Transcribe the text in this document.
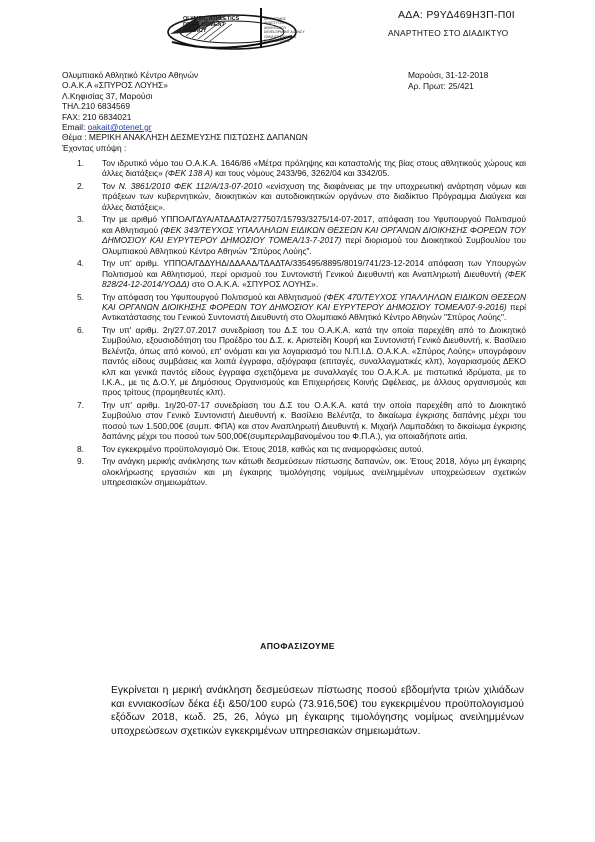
ΑΔΑ: Ρ9ΥΔ469Η3Π-Π0Ι
OLYMPIC ATHLETICS
DEVELOPMENT
AGENCY
ΟΡΓΑΝΙΣΜΟΣ
ΑΝΑΠΤΥΞΗΣ
ΑΘΛΗΤΙΣΜΟΥ
DEVELOPMENT AGENCY
OAKA ATHENS 2004
ΣΠΥΡΟΣ ΛΟΥΗΣ
ΑΝΑΡΤΗΤΕΟ ΣΤΟ ΔΙΑΔΙΚΤΥΟ
Ολυμπιακό Αθλητικό Κέντρο Αθηνών
Ο.Α.Κ.Α «ΣΠΥΡΟΣ ΛΟΥΗΣ»
Λ.Κηφισίας 37, Μαρούσι
ΤΗΛ.210 6834569
FAX: 210 6834021
Email: oakait@otenet.gr
Θέμα : ΜΕΡΙΚΗ ΑΝΑΚΛΗΣΗ ΔΕΣΜΕΥΣΗΣ ΠΙΣΤΩΣΗΣ ΔΑΠΑΝΩΝ
Έχοντας υπόψη :
Μαρούσι, 31-12-2018
Αρ. Πρωτ: 25/421
1. Τον ιδρυτικό νόμο του Ο.Α.Κ.Α. 1646/86 «Μέτρα πρόληψης και καταστολής της βίας στους αθλητικούς χώρους και άλλες διατάξεις» (ΦΕΚ 138 Α) και τους νόμους 2433/96, 3262/04 και 3342/05.
2. Τον Ν. 3861/2010 ΦΕΚ 112/Α/13-07-2010 «ενίσχυση της διαφάνειας με την υποχρεωτική ανάρτηση νόμων και πράξεων των κυβερνητικών, διοικητικών και αυτοδιοικητικών οργάνων στο διαδίκτυο Πρόγραμμα Διαύγεια και άλλες διατάξεις».
3. Την με αριθμό ΥΠΠΟΑ/ΓΔΥΑ/ΑΤΔΑΔΤΑ/277507/15793/3275/14-07-2017, απόφαση του Υφυπουργού Πολιτισμού και Αθλητισμού (ΦΕΚ 343/ΤΕΥΧΟΣ ΥΠΑΛΛΗΛΩΝ ΕΙΔΙΚΩΝ ΘΕΣΕΩΝ ΚΑΙ ΟΡΓΑΝΩΝ ΔΙΟΙΚΗΣΗΣ ΦΟΡΕΩΝ ΤΟΥ ΔΗΜΟΣΙΟΥ ΚΑΙ ΕΥΡΥΤΕΡΟΥ ΔΗΜΟΣΙΟΥ ΤΟΜΕΑ/13-7-2017) περί διορισμού του Διοικητικού Συμβουλίου του Ολυμπιακού Αθλητικού Κέντρο Αθηνών "Σπύρος Λούης".
4. Την υπ' αριθμ. ΥΠΠΟΑ/ΓΔΔΥΗΔ/ΔΔΑΑΔ/ΤΔΑΔΤΑ/335495/8895/8019/741/23-12-2014 απόφαση των Υπουργών Πολιτισμού και Αθλητισμού, περί ορισμού του Συντονιστή Γενικού Διευθυντή και Αναπληρωτή Διευθυντή (ΦΕΚ 828/24-12-2014/ΥΟΔΔ) στο Ο.Α.Κ.Α. «ΣΠΥΡΟΣ ΛΟΥΗΣ».
5. Την απόφαση του Υφυπουργού Πολιτισμού και Αθλητισμού (ΦΕΚ 470/ΤΕΥΧΟΣ ΥΠΑΛΛΗΛΩΝ ΕΙΔΙΚΩΝ ΘΕΣΕΩΝ ΚΑΙ ΟΡΓΑΝΩΝ ΔΙΟΙΚΗΣΗΣ ΦΟΡΕΩΝ ΤΟΥ ΔΗΜΟΣΙΟΥ ΚΑΙ ΕΥΡΥΤΕΡΟΥ ΔΗΜΟΣΙΟΥ ΤΟΜΕΑ/07-9-2016) περί Αντικατάστασης του Γενικού Συντονιστή Διευθυντή στο Ολυμπιακό Αθλητικό Κέντρο Αθηνών "Σπύρος Λούης".
6. Την υπ' αριθμ. 2η/27.07.2017 συνεδρίαση του Δ.Σ του Ο.Α.Κ.Α. κατά την οποία παρεχέθη από το Διοικητικό Συμβούλιο, εξουσιοδότηση του Προέδρο του Δ.Σ. κ. Αριστείδη Κουρή και Συντονιστή Γενικό Διευθυντή, κ. Βασίλειο Βελέντζα, όπως από κοινού, επ' ονόματι και για λογαριασμό του Ν.Π.Ι.Δ. Ο.Α.Κ.Α. «Σπύρος Λούης» υπογράφουν παντός είδους συμβάσεις και λοιπά έγγραφα, αξιόγραφα (επιταγές, συναλλαγματικές κλπ), λογαριασμούς ΔΕΚΟ κλπ και γενικά παντός είδους έγγραφα σχετιζόμενα με συναλλαγές του Ο.Α.Κ.Α. με πιστωτικά ιδρύματα, με το Ι.Κ.Α., με τις Δ.Ο.Υ, με Δημόσιους Οργανισμούς και Επιχειρήσεις Κοινής Ωφέλειας, με άλλους οργανισμούς και προς τρίτους (προμηθευτές κλπ).
7. Την υπ' αριθμ. 1η/20-07-17 συνεδρίαση του Δ.Σ του Ο.Α.Κ.Α. κατά την οποία παρεχέθη από το Διοικητικό Συμβούλιο στον Γενικό Συντονιστή Διευθυντή κ. Βασίλειο Βελέντζα, το δικαίωμα έγκρισης δαπάνης μέχρι του ποσού των 1.500,00€ (συμπ. ΦΠΑ) και στον Αναπληρωτή Διευθυντή κ. Μιχαήλ Λαμπαδάκη το δικαίωμα έγκρισης δαπάνης μέχρι του ποσού των 500,00€(συμπεριλαμβανομένου του Φ.Π.Α.), για οποιαδήποτε αιτία.
8. Τον εγκεκριμένο προϋπολογισμό Οικ. Έτους 2018, καθώς και τις αναμορφώσεις αυτού.
9. Την ανάγκη μερικής ανάκλησης των κάτωθι δεσμεύσεων πίστωσης δαπανών, οικ. Έτους 2018, λόγω μη έγκαιρης ολοκλήρωσης εργασιών και μη έγκαιρης τιμολόγησης νομίμως ανειλημμένων υποχρεώσεων σχετικών υπηρεσιακών σημειωμάτων.
ΑΠΟΦΑΣΙΖΟΥΜΕ
Εγκρίνεται η μερική ανάκληση δεσμεύσεων πίστωσης ποσού εβδομήντα τριών χιλιάδων και εννιακοσίων δέκα έξι &50/100 ευρώ (73.916,50€) του εγκεκριμένου προϋπολογισμού εξόδων 2018, κωδ. 25, 26, λόγω μη έγκαιρης τιμολόγησης νομίμως ανειλημμένων υποχρεώσεων σχετικών εγκεκριμένων υπηρεσιακών σημειωμάτων.
